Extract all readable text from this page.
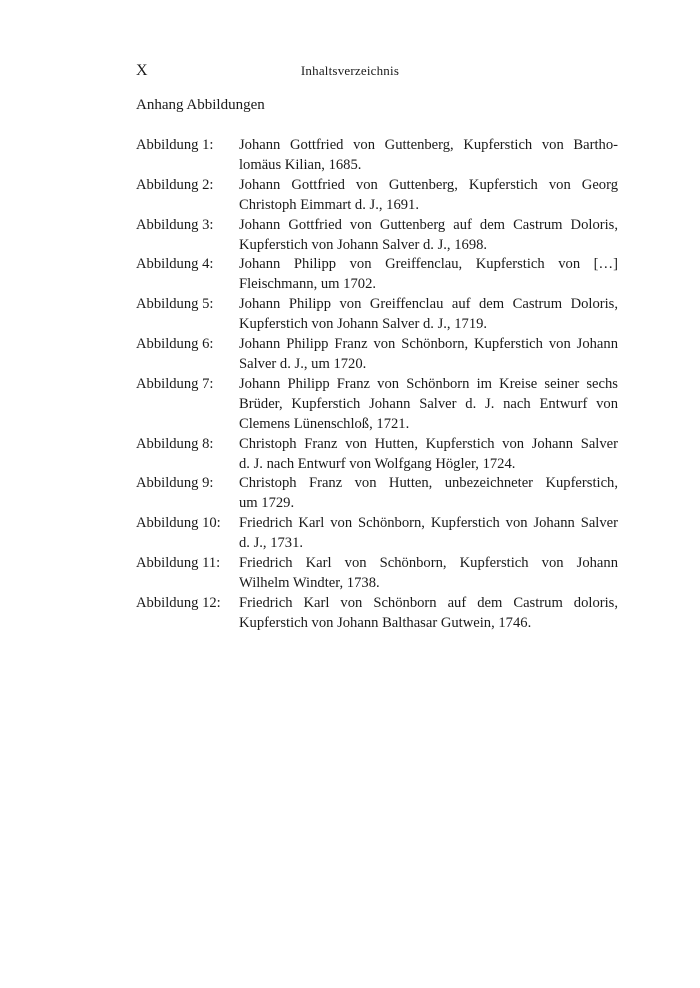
X	Inhaltsverzeichnis
Anhang Abbildungen
Abbildung 1:	Johann Gottfried von Guttenberg, Kupferstich von Bartho-
lomäus Kilian, 1685.
Abbildung 2:	Johann Gottfried von Guttenberg, Kupferstich von Georg
Christoph Eimmart d. J., 1691.
Abbildung 3:	Johann Gottfried von Guttenberg auf dem Castrum Doloris,
Kupferstich von Johann Salver d. J., 1698.
Abbildung 4:	Johann Philipp von Greiffenclau, Kupferstich von […]
Fleischmann, um 1702.
Abbildung 5:	Johann Philipp von Greiffenclau auf dem Castrum Doloris,
Kupferstich von Johann Salver d. J., 1719.
Abbildung 6:	Johann Philipp Franz von Schönborn, Kupferstich von Johann
Salver d. J., um 1720.
Abbildung 7:	Johann Philipp Franz von Schönborn im Kreise seiner sechs
Brüder, Kupferstich Johann Salver d. J. nach Entwurf von
Clemens Lünenschloß, 1721.
Abbildung 8:	Christoph Franz von Hutten, Kupferstich von Johann Salver
d. J. nach Entwurf von Wolfgang Högler, 1724.
Abbildung 9:	Christoph Franz von Hutten, unbezeichneter Kupferstich,
um 1729.
Abbildung 10:	Friedrich Karl von Schönborn, Kupferstich von Johann Salver
d. J., 1731.
Abbildung 11:	Friedrich Karl von Schönborn, Kupferstich von Johann
Wilhelm Windter, 1738.
Abbildung 12:	Friedrich Karl von Schönborn auf dem Castrum doloris,
Kupferstich von Johann Balthasar Gutwein, 1746.
